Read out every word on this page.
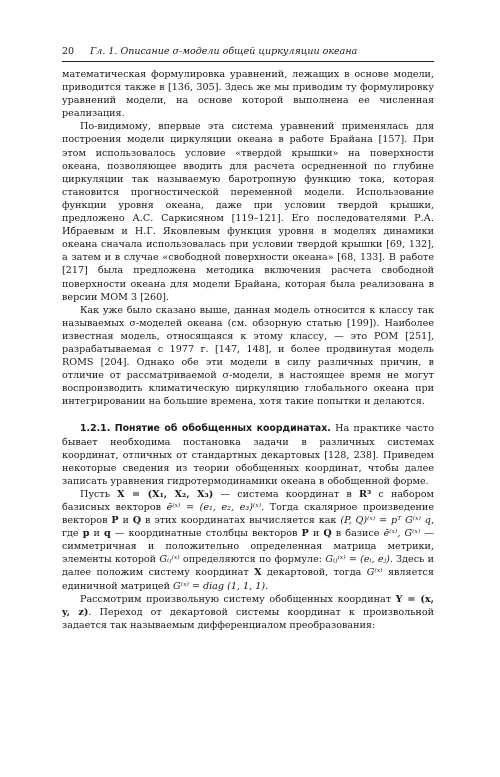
20 Гл. 1. Описание σ-модели общей циркуляции океана

математическая формулировка уравнений, лежащих в основе модели, приводится также в [136, 305]. Здесь же мы приводим ту формулировку уравнений модели, на основе которой выполнена ее численная реализация.

По-видимому, впервые эта система уравнений применялась для построения модели циркуляции океана в работе Брайана [157]. При этом использовалось условие «твердой крышки» на поверхности океана, позволяющее вводить для расчета осредненной по глубине циркуляции так называемую баротропную функцию тока, которая становится прогностической переменной модели. Использование функции уровня океана, даже при условии твердой крышки, предложено А.С. Саркисяном [119–121]. Его последователями Р.А. Ибраевым и Н.Г. Яковлевым функция уровня в моделях динамики океана сначала использовалась при условии твердой крышки [69, 132], а затем и в случае «свободной поверхности океана» [68, 133]. В работе [217] была предложена методика включения расчета свободной поверхности океана для модели Брайана, которая была реализована в версии MOM 3 [260].

Как уже было сказано выше, данная модель относится к классу так называемых σ-моделей океана (см. обзорную статью [199]). Наиболее известная модель, относящаяся к этому классу, — это POM [251], разрабатываемая с 1977 г. [147, 148], и более продвинутая модель ROMS [204]. Однако обе эти модели в силу различных причин, в отличие от рассматриваемой σ-модели, в настоящее время не могут воспроизводить климатическую циркуляцию глобального океана при интегрировании на большие времена, хотя такие попытки и делаются.

1.2.1. Понятие об обобщенных координатах. На практике часто бывает необходима постановка задачи в различных системах координат, отличных от стандартных декартовых [128, 238]. Приведем некоторые сведения из теории обобщенных координат, чтобы далее записать уравнения гидротермодинамики океана в обобщенной форме.

Пусть X = (X₁, X₂, X₃) — система координат в R³ с набором базисных векторов ē⁽ˣ⁾ = (e₁, e₂, e₃)⁽ˣ⁾. Тогда скалярное произведение векторов P и Q в этих координатах вычисляется как (P, Q)⁽ˣ⁾ = pᵀ G⁽ˣ⁾ q, где p и q — координатные столбцы векторов P и Q в базисе ē⁽ˣ⁾, G⁽ˣ⁾ — симметричная и положительно определенная матрица метрики, элементы которой Gᵢⱼ⁽ˣ⁾ определяются по формуле: Gᵢⱼ⁽ˣ⁾ = (eᵢ, eⱼ). Здесь и далее положим систему координат X декартовой, тогда G⁽ˣ⁾ является единичной матрицей G⁽ˣ⁾ = diag (1, 1, 1).

Рассмотрим произвольную систему обобщенных координат Y = (x, y, z). Переход от декартовой системы координат к произвольной задается так называемым дифференциалом преобразования:
